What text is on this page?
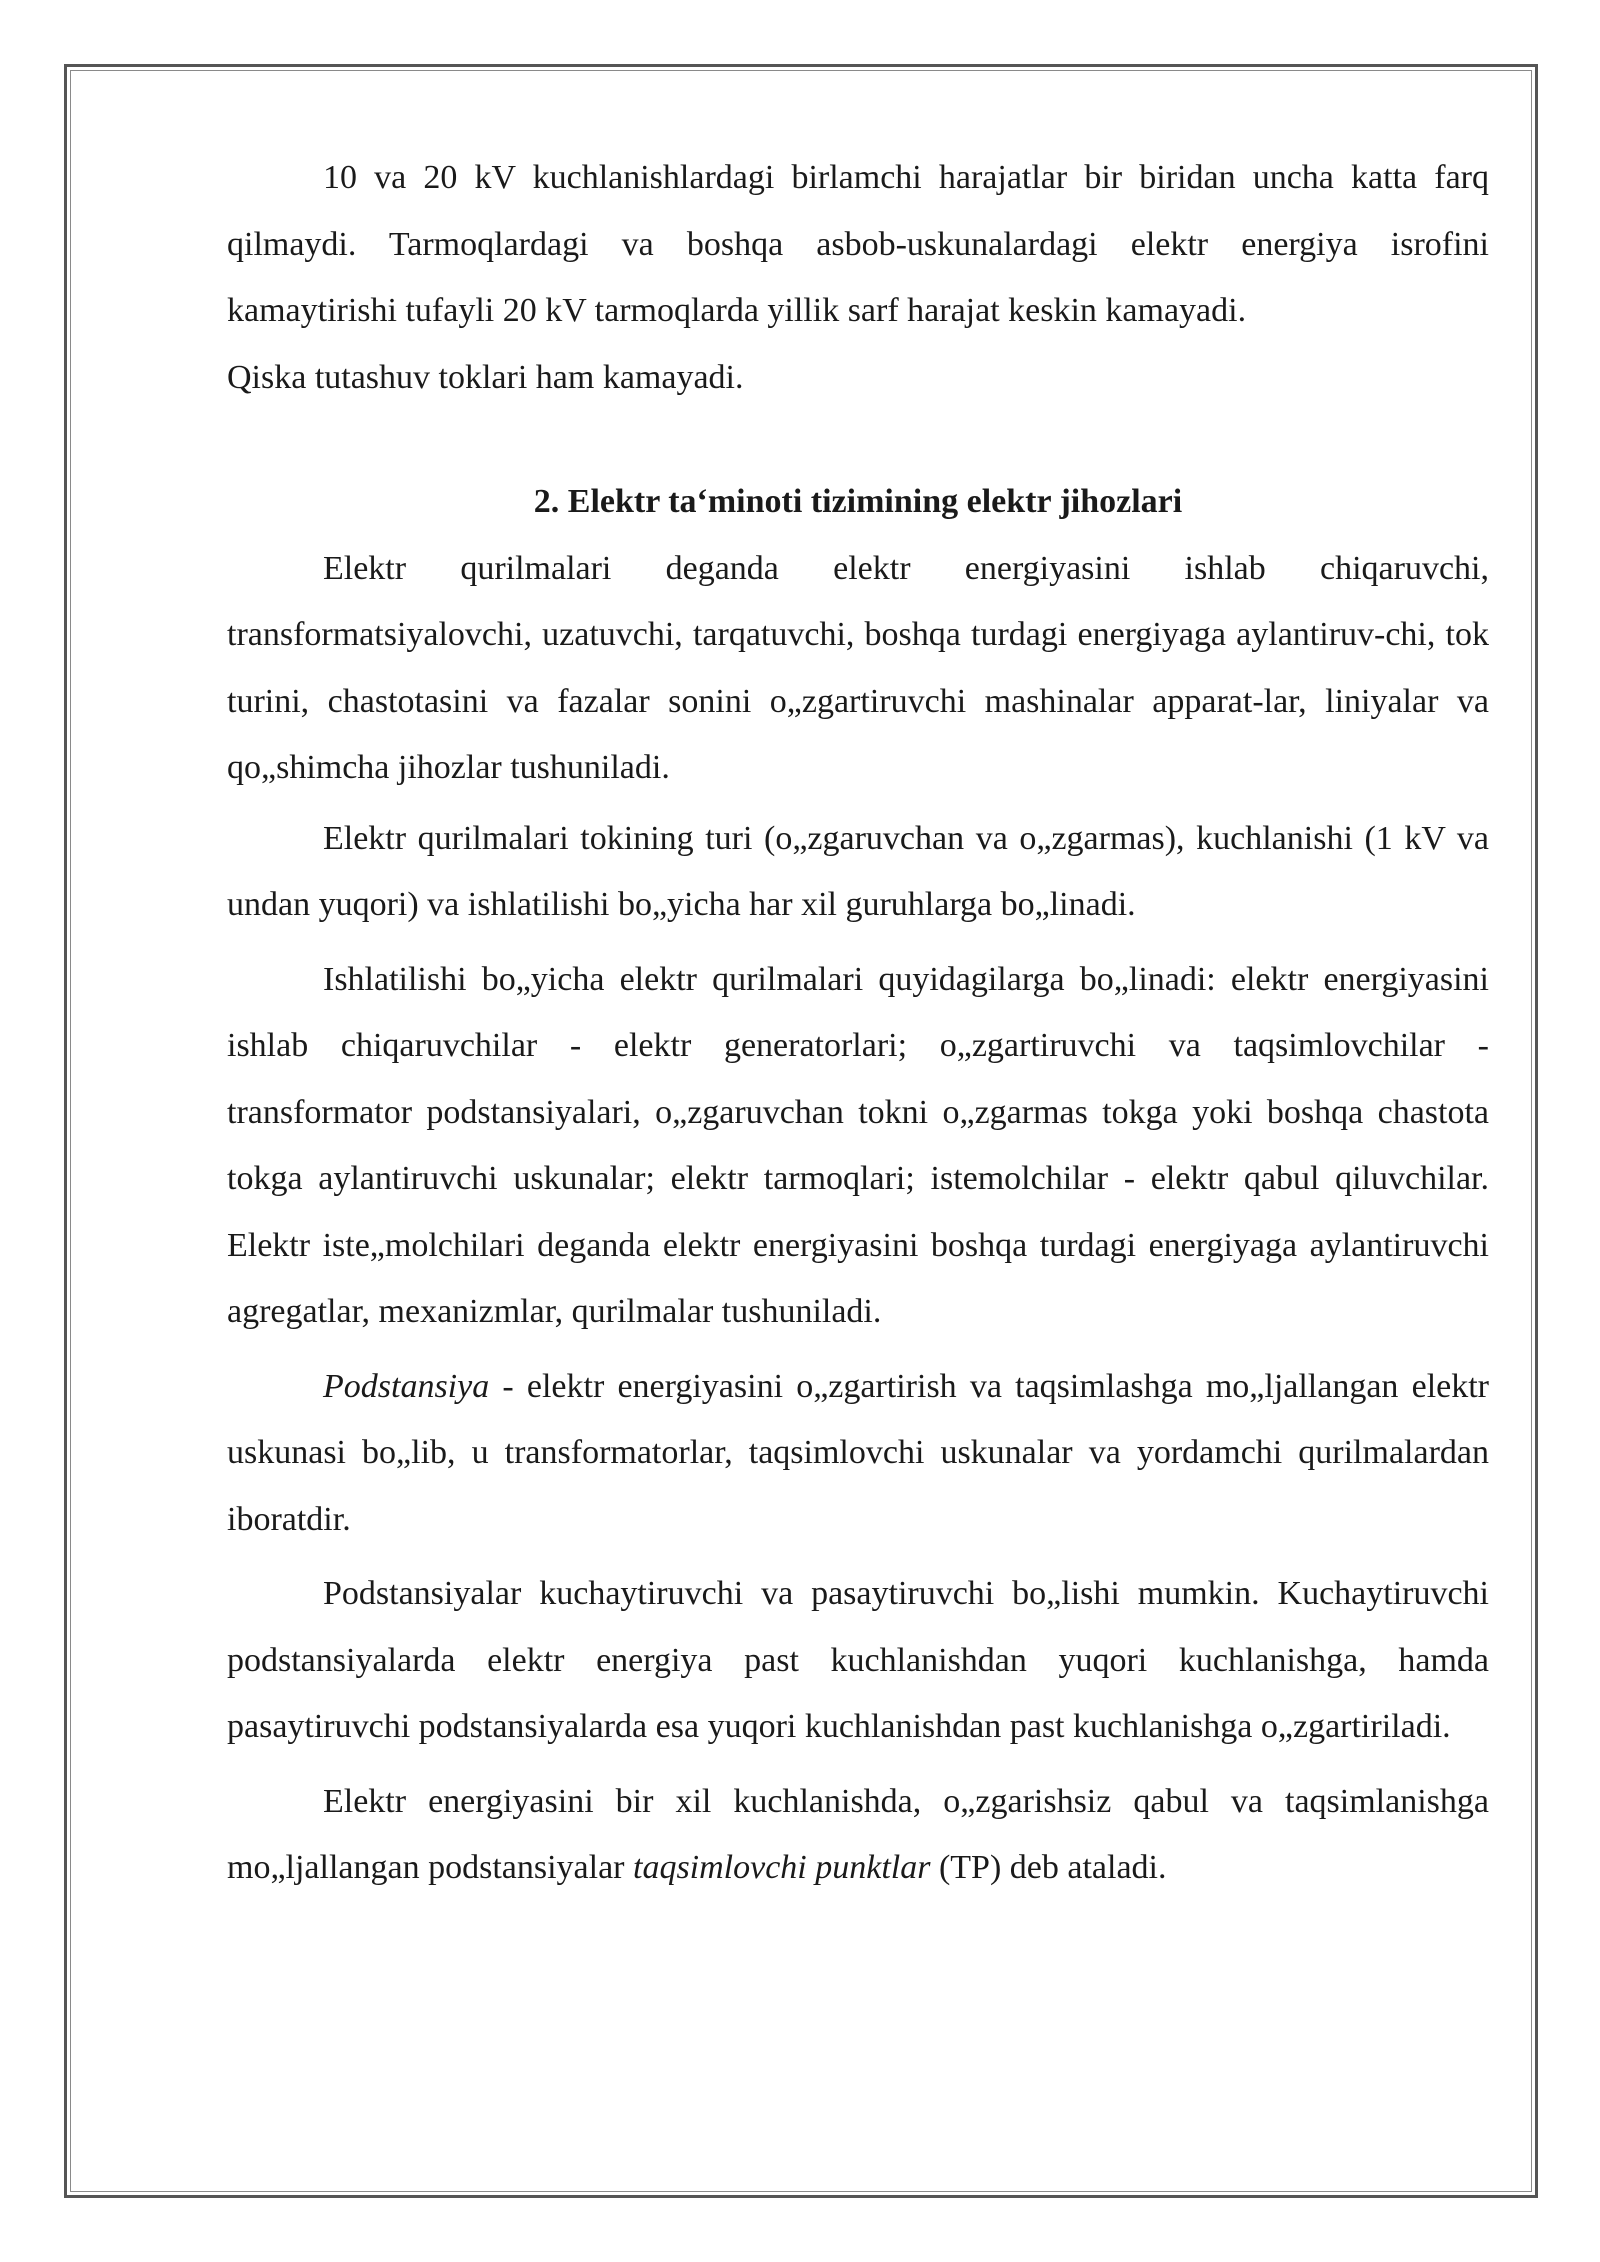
10 va 20 kV kuchlanishlardagi birlamchi harajatlar bir biridan uncha katta farq qilmaydi. Tarmoqlardagi va boshqa asbob-uskunalardagi elektr energiya isrofini kamaytirishi tufayli 20 kV tarmoqlarda yillik sarf harajat keskin kamayadi.

Qiska tutashuv toklari ham kamayadi.

2. Elektr ta‘minoti tizimining elektr jihozlari

Elektr qurilmalari deganda elektr energiyasini ishlab chiqaruvchi, transformatsiyalovchi, uzatuvchi, tarqatuvchi, boshqa turdagi energiyaga aylantiruv-chi, tok turini, chastotasini va fazalar sonini o„zgartiruvchi mashinalar apparat-lar, liniyalar va qo„shimcha jihozlar tushuniladi.

Elektr qurilmalari tokining turi (o„zgaruvchan va o„zgarmas), kuchlanishi (1 kV va undan yuqori) va ishlatilishi bo„yicha har xil guruhlarga bo„linadi.

Ishlatilishi bo„yicha elektr qurilmalari quyidagilarga bo„linadi: elektr energiyasini ishlab chiqaruvchilar - elektr generatorlari; o„zgartiruvchi va taqsimlovchilar - transformator podstansiyalari, o„zgaruvchan tokni o„zgarmas tokga yoki boshqa chastota tokga aylantiruvchi uskunalar; elektr tarmoqlari; istemolchilar - elektr qabul qiluvchilar. Elektr iste„molchilari deganda elektr energiyasini boshqa turdagi energiyaga aylantiruvchi agregatlar, mexanizmlar, qurilmalar tushuniladi.

Podstansiya - elektr energiyasini o„zgartirish va taqsimlashga mo„ljallangan elektr uskunasi bo„lib, u transformatorlar, taqsimlovchi uskunalar va yordamchi qurilmalardan iboratdir.

Podstansiyalar kuchaytiruvchi va pasaytiruvchi bo„lishi mumkin. Kuchaytiruvchi podstansiyalarda elektr energiya past kuchlanishdan yuqori kuchlanishga, hamda pasaytiruvchi podstansiyalarda esa yuqori kuchlanishdan past kuchlanishga o„zgartiriladi.

Elektr energiyasini bir xil kuchlanishda, o„zgarishsiz qabul va taqsimlanishga mo„ljallangan podstansiyalar taqsimlovchi punktlar (TP) deb ataladi.
